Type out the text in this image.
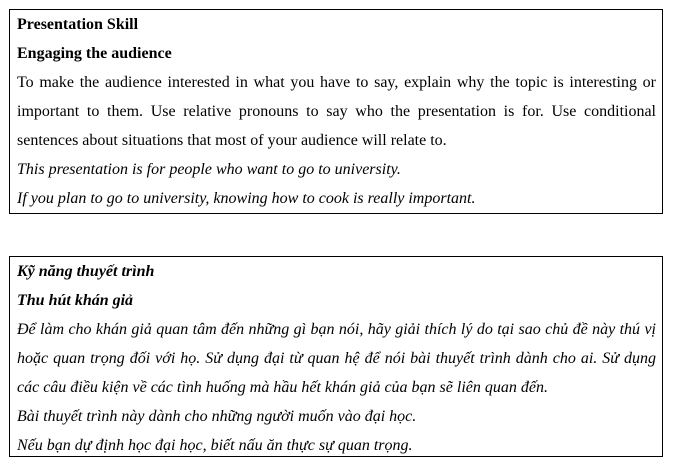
Presentation Skill

Engaging the audience

To make the audience interested in what you have to say, explain why the topic is interesting or important to them. Use relative pronouns to say who the presentation is for. Use conditional sentences about situations that most of your audience will relate to.

This presentation is for people who want to go to university.

If you plan to go to university, knowing how to cook is really important.

Kỹ năng thuyết trình

Thu hút khán giả

Để làm cho khán giả quan tâm đến những gì bạn nói, hãy giải thích lý do tại sao chủ đề này thú vị hoặc quan trọng đối với họ. Sử dụng đại từ quan hệ để nói bài thuyết trình dành cho ai. Sử dụng các câu điều kiện về các tình huống mà hầu hết khán giả của bạn sẽ liên quan đến.

Bài thuyết trình này dành cho những người muốn vào đại học.

Nếu bạn dự định học đại học, biết nấu ăn thực sự quan trọng.
